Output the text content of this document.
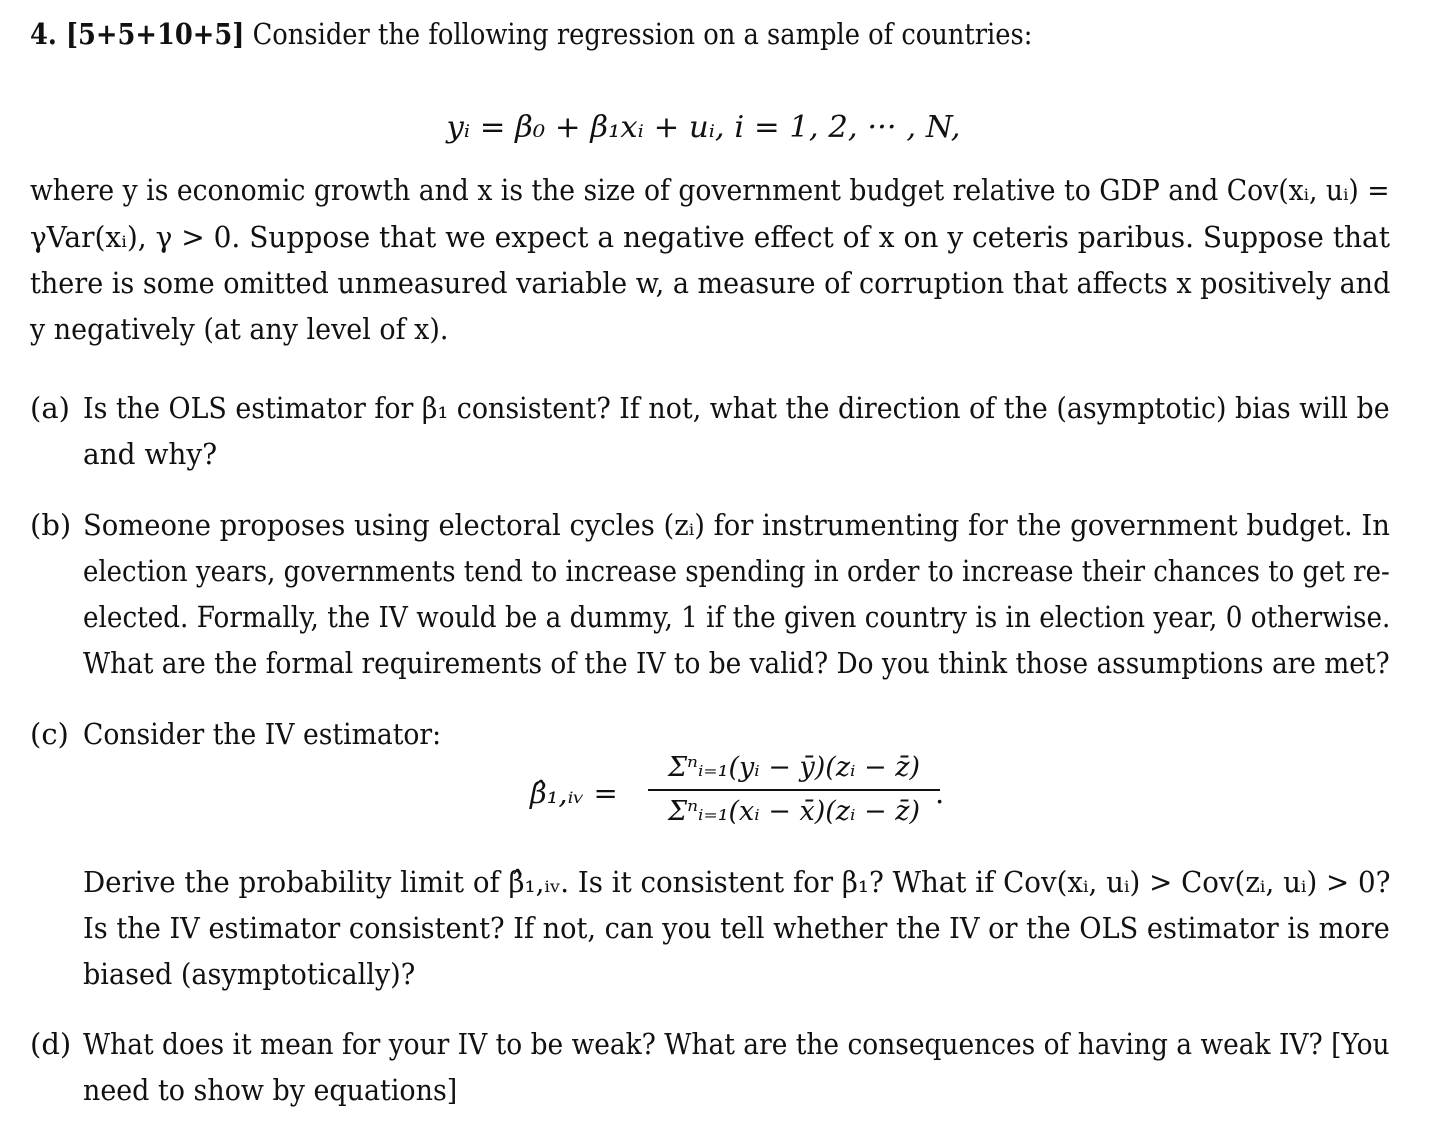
4. [5+5+10+5] Consider the following regression on a sample of countries:
yᵢ = β₀ + β₁xᵢ + uᵢ, i = 1, 2, ··· , N,
where y is economic growth and x is the size of government budget relative to GDP and Cov(xᵢ, uᵢ) =
γVar(xᵢ), γ > 0. Suppose that we expect a negative effect of x on y ceteris paribus. Suppose that
there is some omitted unmeasured variable w, a measure of corruption that affects x positively and
y negatively (at any level of x).
(a) Is the OLS estimator for β₁ consistent? If not, what the direction of the (asymptotic) bias will be
and why?
(b) Someone proposes using electoral cycles (zᵢ) for instrumenting for the government budget. In
election years, governments tend to increase spending in order to increase their chances to get re-
elected. Formally, the IV would be a dummy, 1 if the given country is in election year, 0 otherwise.
What are the formal requirements of the IV to be valid? Do you think those assumptions are met?
(c) Consider the IV estimator:
β̂₁,ᵢᵥ =
Σⁿᵢ₌₁(yᵢ − ȳ)(zᵢ − z̄)
Σⁿᵢ₌₁(xᵢ − x̄)(zᵢ − z̄)
.
Derive the probability limit of β̂₁,ᵢᵥ. Is it consistent for β₁? What if Cov(xᵢ, uᵢ) > Cov(zᵢ, uᵢ) > 0?
Is the IV estimator consistent? If not, can you tell whether the IV or the OLS estimator is more
biased (asymptotically)?
(d) What does it mean for your IV to be weak? What are the consequences of having a weak IV? [You
need to show by equations]
